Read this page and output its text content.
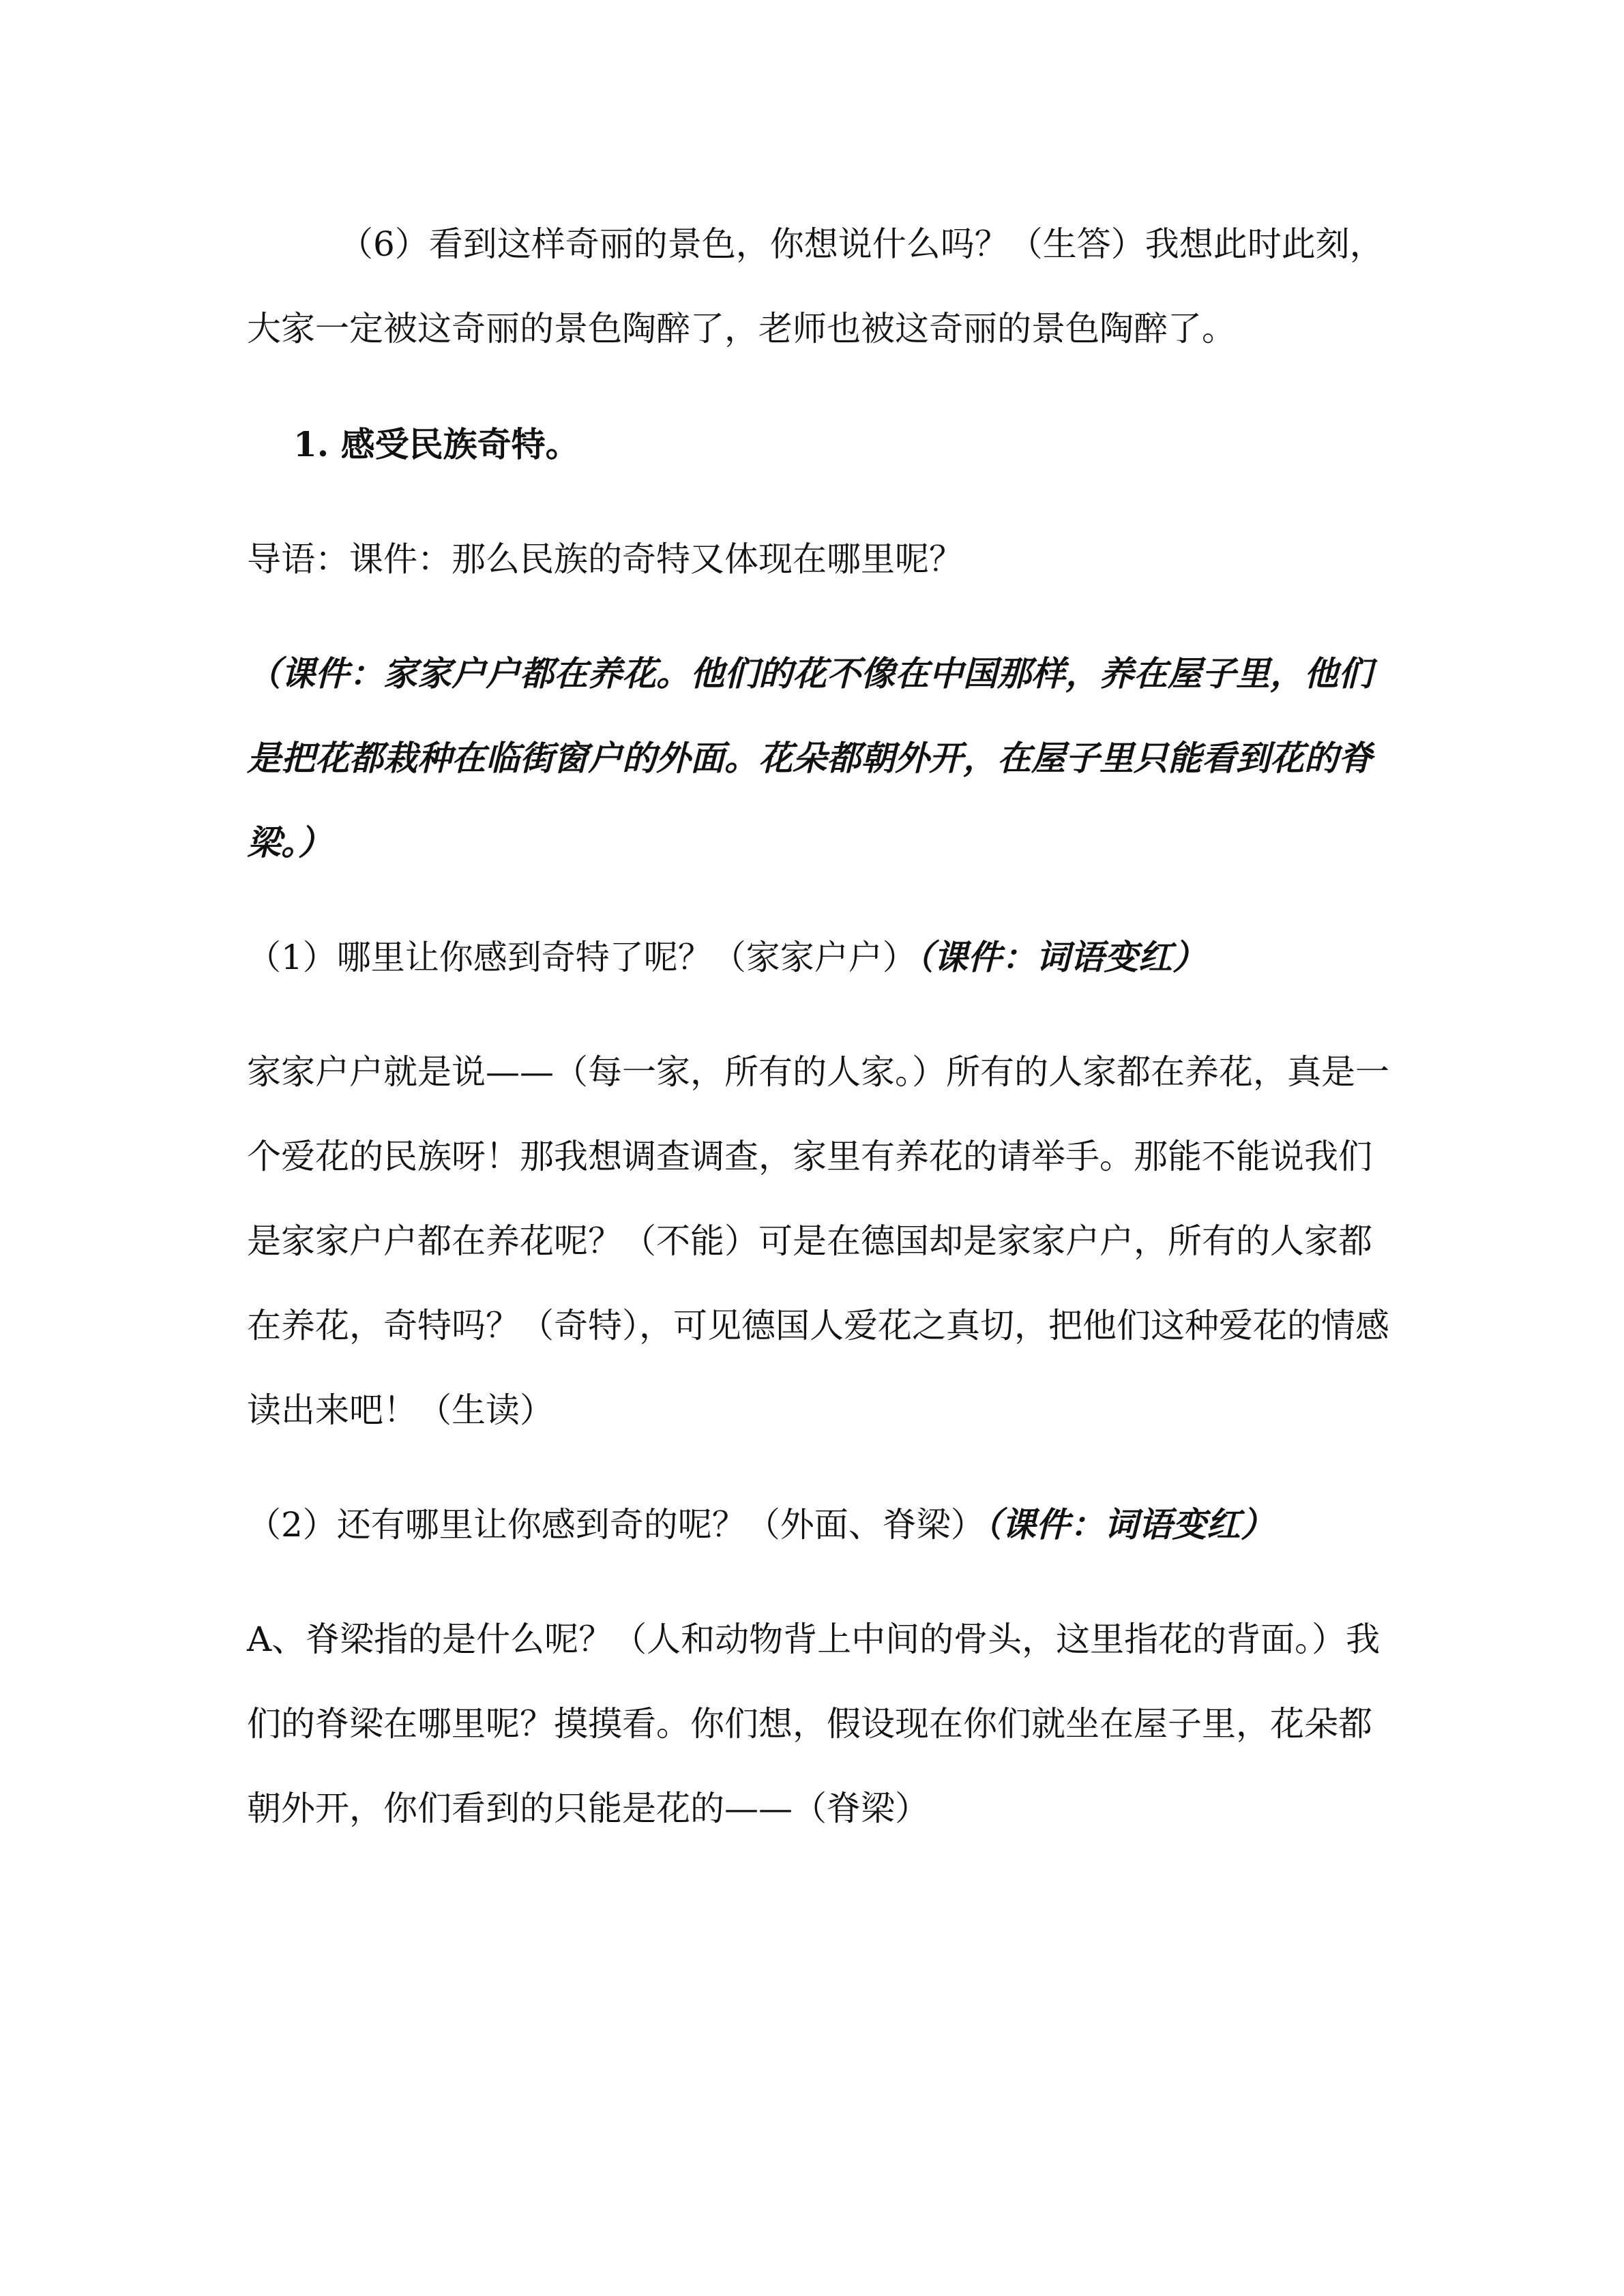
（6）看到这样奇丽的景色，你想说什么吗？（生答）我想此时此刻，大家一定被这奇丽的景色陶醉了，老师也被这奇丽的景色陶醉了。

1. 感受民族奇特。

导语：课件：那么民族的奇特又体现在哪里呢？

（课件：家家户户都在养花。他们的花不像在中国那样，养在屋子里，他们是把花都栽种在临街窗户的外面。花朵都朝外开，在屋子里只能看到花的脊梁。）

（1）哪里让你感到奇特了呢？（家家户户）（课件：词语变红）

家家户户就是说——（每一家，所有的人家。）所有的人家都在养花，真是一个爱花的民族呀！那我想调查调查，家里有养花的请举手。那能不能说我们是家家户户都在养花呢？（不能）可是在德国却是家家户户，所有的人家都在养花，奇特吗？（奇特），可见德国人爱花之真切，把他们这种爱花的情感读出来吧！（生读）

（2）还有哪里让你感到奇的呢？（外面、脊梁）（课件：词语变红）

A、脊梁指的是什么呢？（人和动物背上中间的骨头，这里指花的背面。）我们的脊梁在哪里呢？摸摸看。你们想，假设现在你们就坐在屋子里，花朵都朝外开，你们看到的只能是花的——（脊梁）
